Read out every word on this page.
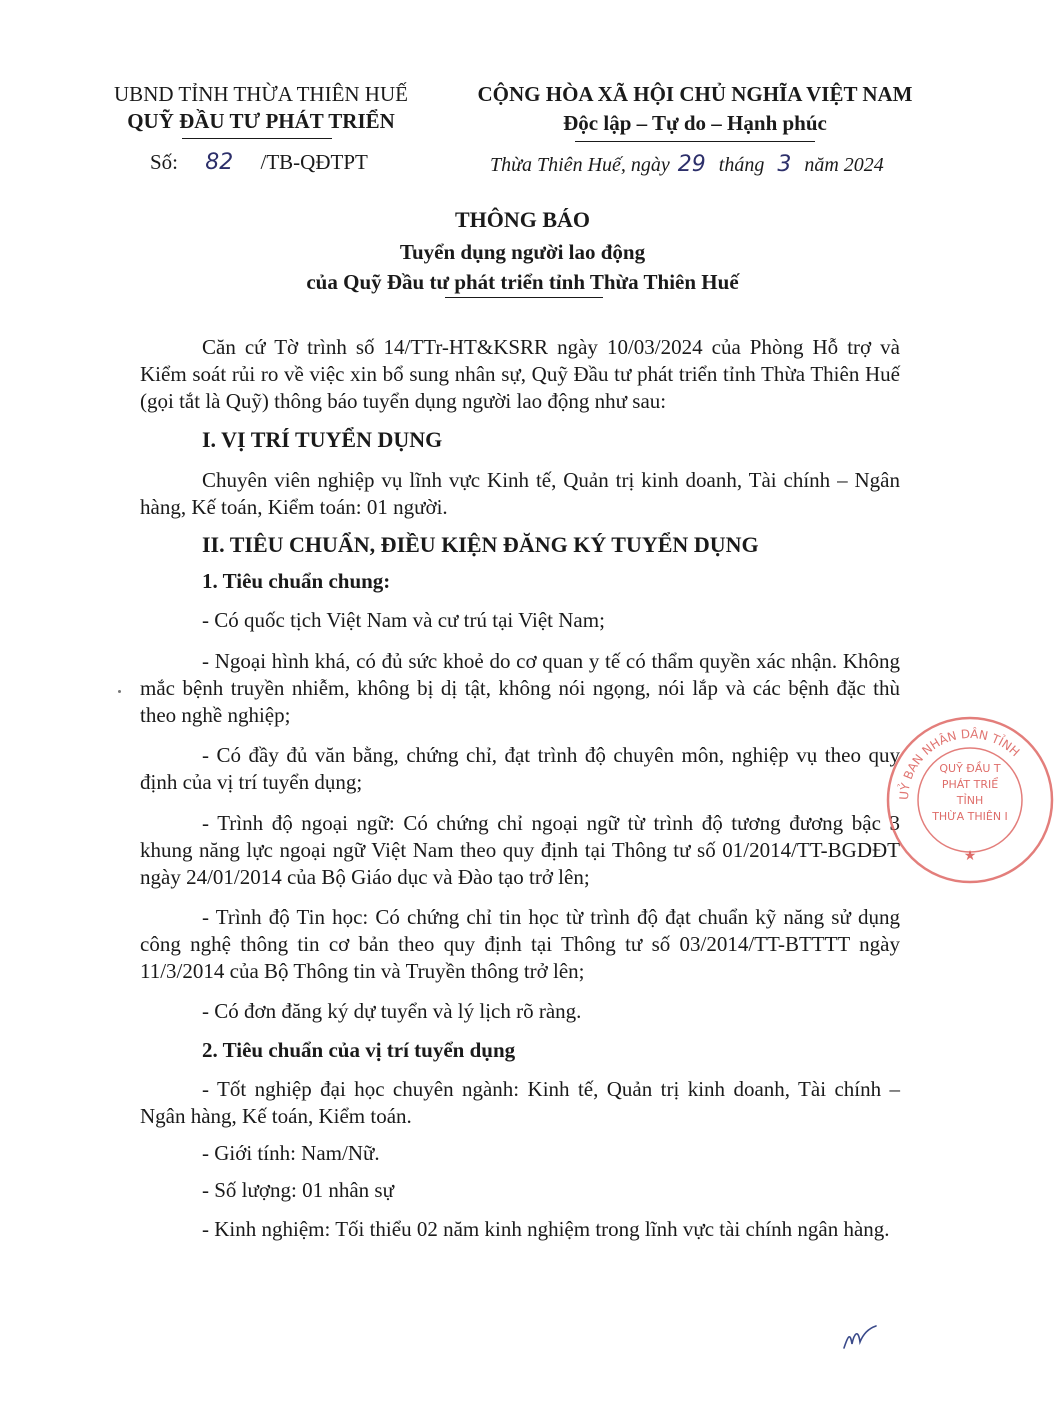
UBND TỈNH THỪA THIÊN HUẾ
QUỸ ĐẦU TƯ PHÁT TRIỂN
Số: 82 /TB-QĐTPT
CỘNG HÒA XÃ HỘI CHỦ NGHĨA VIỆT NAM
Độc lập – Tự do – Hạnh phúc
Thừa Thiên Huế, ngày 29 tháng 3 năm 2024
THÔNG BÁO
Tuyển dụng người lao động
của Quỹ Đầu tư phát triển tỉnh Thừa Thiên Huế
Căn cứ Tờ trình số 14/TTr-HT&KSRR ngày 10/03/2024 của Phòng Hỗ trợ và Kiểm soát rủi ro về việc xin bổ sung nhân sự, Quỹ Đầu tư phát triển tỉnh Thừa Thiên Huế (gọi tắt là Quỹ) thông báo tuyển dụng người lao động như sau:
I. VỊ TRÍ TUYỂN DỤNG
Chuyên viên nghiệp vụ lĩnh vực Kinh tế, Quản trị kinh doanh, Tài chính – Ngân hàng, Kế toán, Kiểm toán: 01 người.
II. TIÊU CHUẨN, ĐIỀU KIỆN ĐĂNG KÝ TUYỂN DỤNG
1. Tiêu chuẩn chung:
- Có quốc tịch Việt Nam và cư trú tại Việt Nam;
- Ngoại hình khá, có đủ sức khoẻ do cơ quan y tế có thẩm quyền xác nhận. Không mắc bệnh truyền nhiễm, không bị dị tật, không nói ngọng, nói lắp và các bệnh đặc thù theo nghề nghiệp;
- Có đầy đủ văn bằng, chứng chỉ, đạt trình độ chuyên môn, nghiệp vụ theo quy định của vị trí tuyển dụng;
- Trình độ ngoại ngữ: Có chứng chỉ ngoại ngữ từ trình độ tương đương bậc 3 khung năng lực ngoại ngữ Việt Nam theo quy định tại Thông tư số 01/2014/TT-BGDĐT ngày 24/01/2014 của Bộ Giáo dục và Đào tạo trở lên;
- Trình độ Tin học: Có chứng chỉ tin học từ trình độ đạt chuẩn kỹ năng sử dụng công nghệ thông tin cơ bản theo quy định tại Thông tư số 03/2014/TT-BTTTT ngày 11/3/2014 của Bộ Thông tin và Truyền thông trở lên;
- Có đơn đăng ký dự tuyển và lý lịch rõ ràng.
2. Tiêu chuẩn của vị trí tuyển dụng
- Tốt nghiệp đại học chuyên ngành: Kinh tế, Quản trị kinh doanh, Tài chính – Ngân hàng, Kế toán, Kiểm toán.
- Giới tính: Nam/Nữ.
- Số lượng: 01 nhân sự
- Kinh nghiệm: Tối thiểu 02 năm kinh nghiệm trong lĩnh vực tài chính ngân hàng.
UỶ BAN NHÂN DÂN TỈNH
QUỸ ĐẦU T
PHÁT TRIỂ
TỈNH
THỪA THIÊN I
★
